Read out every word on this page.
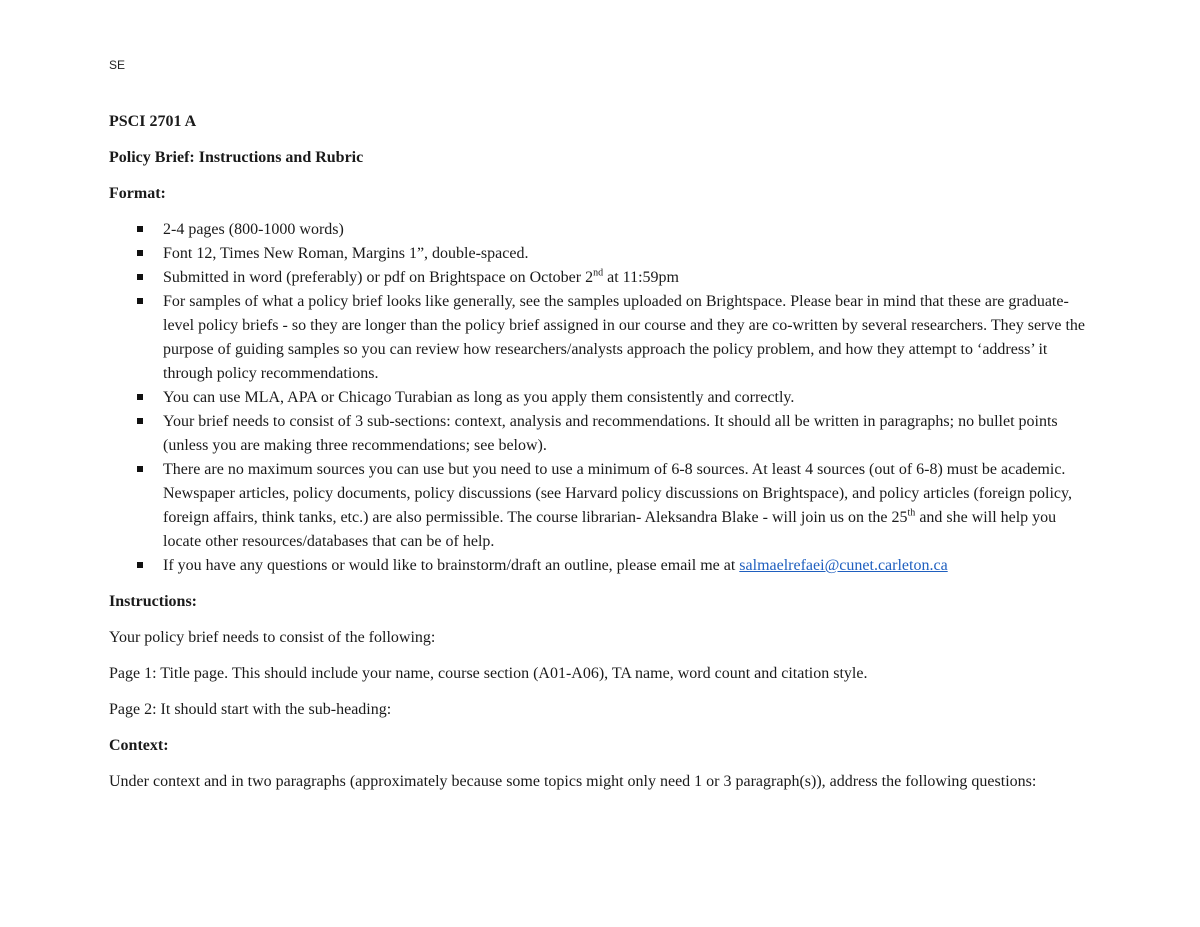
SE

PSCI 2701 A

Policy Brief: Instructions and Rubric

Format:

2-4 pages (800-1000 words)
Font 12, Times New Roman, Margins 1”, double-spaced.
Submitted in word (preferably) or pdf on Brightspace on October 2nd at 11:59pm
For samples of what a policy brief looks like generally, see the samples uploaded on Brightspace. Please bear in mind that these are graduate-level policy briefs - so they are longer than the policy brief assigned in our course and they are co-written by several researchers. They serve the purpose of guiding samples so you can review how researchers/analysts approach the policy problem, and how they attempt to ‘address’ it through policy recommendations.
You can use MLA, APA or Chicago Turabian as long as you apply them consistently and correctly.
Your brief needs to consist of 3 sub-sections: context, analysis and recommendations. It should all be written in paragraphs; no bullet points (unless you are making three recommendations; see below).
There are no maximum sources you can use but you need to use a minimum of 6-8 sources. At least 4 sources (out of 6-8) must be academic. Newspaper articles, policy documents, policy discussions (see Harvard policy discussions on Brightspace), and policy articles (foreign policy, foreign affairs, think tanks, etc.) are also permissible. The course librarian- Aleksandra Blake - will join us on the 25th and she will help you locate other resources/databases that can be of help.
If you have any questions or would like to brainstorm/draft an outline, please email me at salmaelrefaei@cunet.carleton.ca

Instructions:

Your policy brief needs to consist of the following:

Page 1: Title page. This should include your name, course section (A01-A06), TA name, word count and citation style.

Page 2: It should start with the sub-heading:

Context:

Under context and in two paragraphs (approximately because some topics might only need 1 or 3 paragraph(s)), address the following questions:
